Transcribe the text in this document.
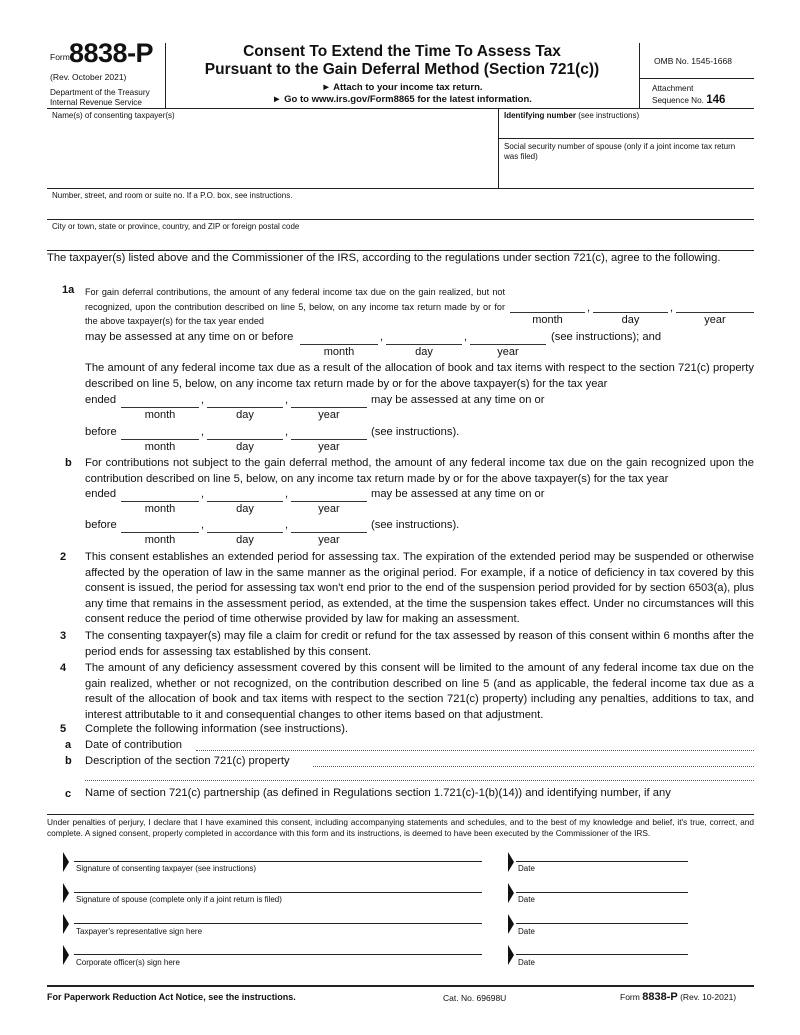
Form 8838-P
(Rev. October 2021)
Department of the Treasury
Internal Revenue Service
Consent To Extend the Time To Assess Tax
Pursuant to the Gain Deferral Method (Section 721(c))
► Attach to your income tax return.
► Go to www.irs.gov/Form8865 for the latest information.
OMB No. 1545-1668
Attachment
Sequence No. 146
Name(s) of consenting taxpayer(s)	Identifying number (see instructions)
Social security number of spouse (only if a joint income tax return was filed)
Number, street, and room or suite no. If a P.O. box, see instructions.
City or town, state or province, country, and ZIP or foreign postal code
The taxpayer(s) listed above and the Commissioner of the IRS, according to the regulations under section 721(c), agree to the following.
1a For gain deferral contributions, the amount of any federal income tax due on the gain realized, but not recognized, upon the contribution described on line 5, below, on any income tax return made by or for the above taxpayer(s) for the tax year ended
,	,
month	day	year
may be assessed at any time on or before	,	,	(see instructions); and
month	day	year
The amount of any federal income tax due as a result of the allocation of book and tax items with respect to the section 721(c) property described on line 5, below, on any income tax return made by or for the above taxpayer(s) for the tax year
ended	,	,	may be assessed at any time on or
month	day	year
before	,	,	(see instructions).
month	day	year
b For contributions not subject to the gain deferral method, the amount of any federal income tax due on the gain recognized upon the contribution described on line 5, below, on any income tax return made by or for the above taxpayer(s) for the tax year
ended	,	,	may be assessed at any time on or
month	day	year
before	,	,	(see instructions).
month	day	year
2 This consent establishes an extended period for assessing tax. The expiration of the extended period may be suspended or otherwise affected by the operation of law in the same manner as the original period. For example, if a notice of deficiency in tax covered by this consent is issued, the period for assessing tax won't end prior to the end of the suspension period provided for by section 6503(a), plus any time that remains in the assessment period, as extended, at the time the suspension takes effect. Under no circumstances will this consent reduce the period of time otherwise provided by law for making an assessment.
3 The consenting taxpayer(s) may file a claim for credit or refund for the tax assessed by reason of this consent within 6 months after the period ends for assessing tax established by this consent.
4 The amount of any deficiency assessment covered by this consent will be limited to the amount of any federal income tax due on the gain realized, whether or not recognized, on the contribution described on line 5 (and as applicable, the federal income tax due as a result of the allocation of book and tax items with respect to the section 721(c) property) including any penalties, additions to tax, and interest attributable to it and consequential changes to other items based on that adjustment.
5 Complete the following information (see instructions).
a Date of contribution
b Description of the section 721(c) property
c Name of section 721(c) partnership (as defined in Regulations section 1.721(c)-1(b)(14)) and identifying number, if any
Under penalties of perjury, I declare that I have examined this consent, including accompanying statements and schedules, and to the best of my knowledge and belief, it's true, correct, and complete. A signed consent, properly completed in accordance with this form and its instructions, is deemed to have been executed by the Commissioner of the IRS.
Signature of consenting taxpayer (see instructions)	Date
Signature of spouse (complete only if a joint return is filed)	Date
Taxpayer's representative sign here	Date
Corporate officer(s) sign here	Date
For Paperwork Reduction Act Notice, see the instructions.	Cat. No. 69698U	Form 8838-P (Rev. 10-2021)
